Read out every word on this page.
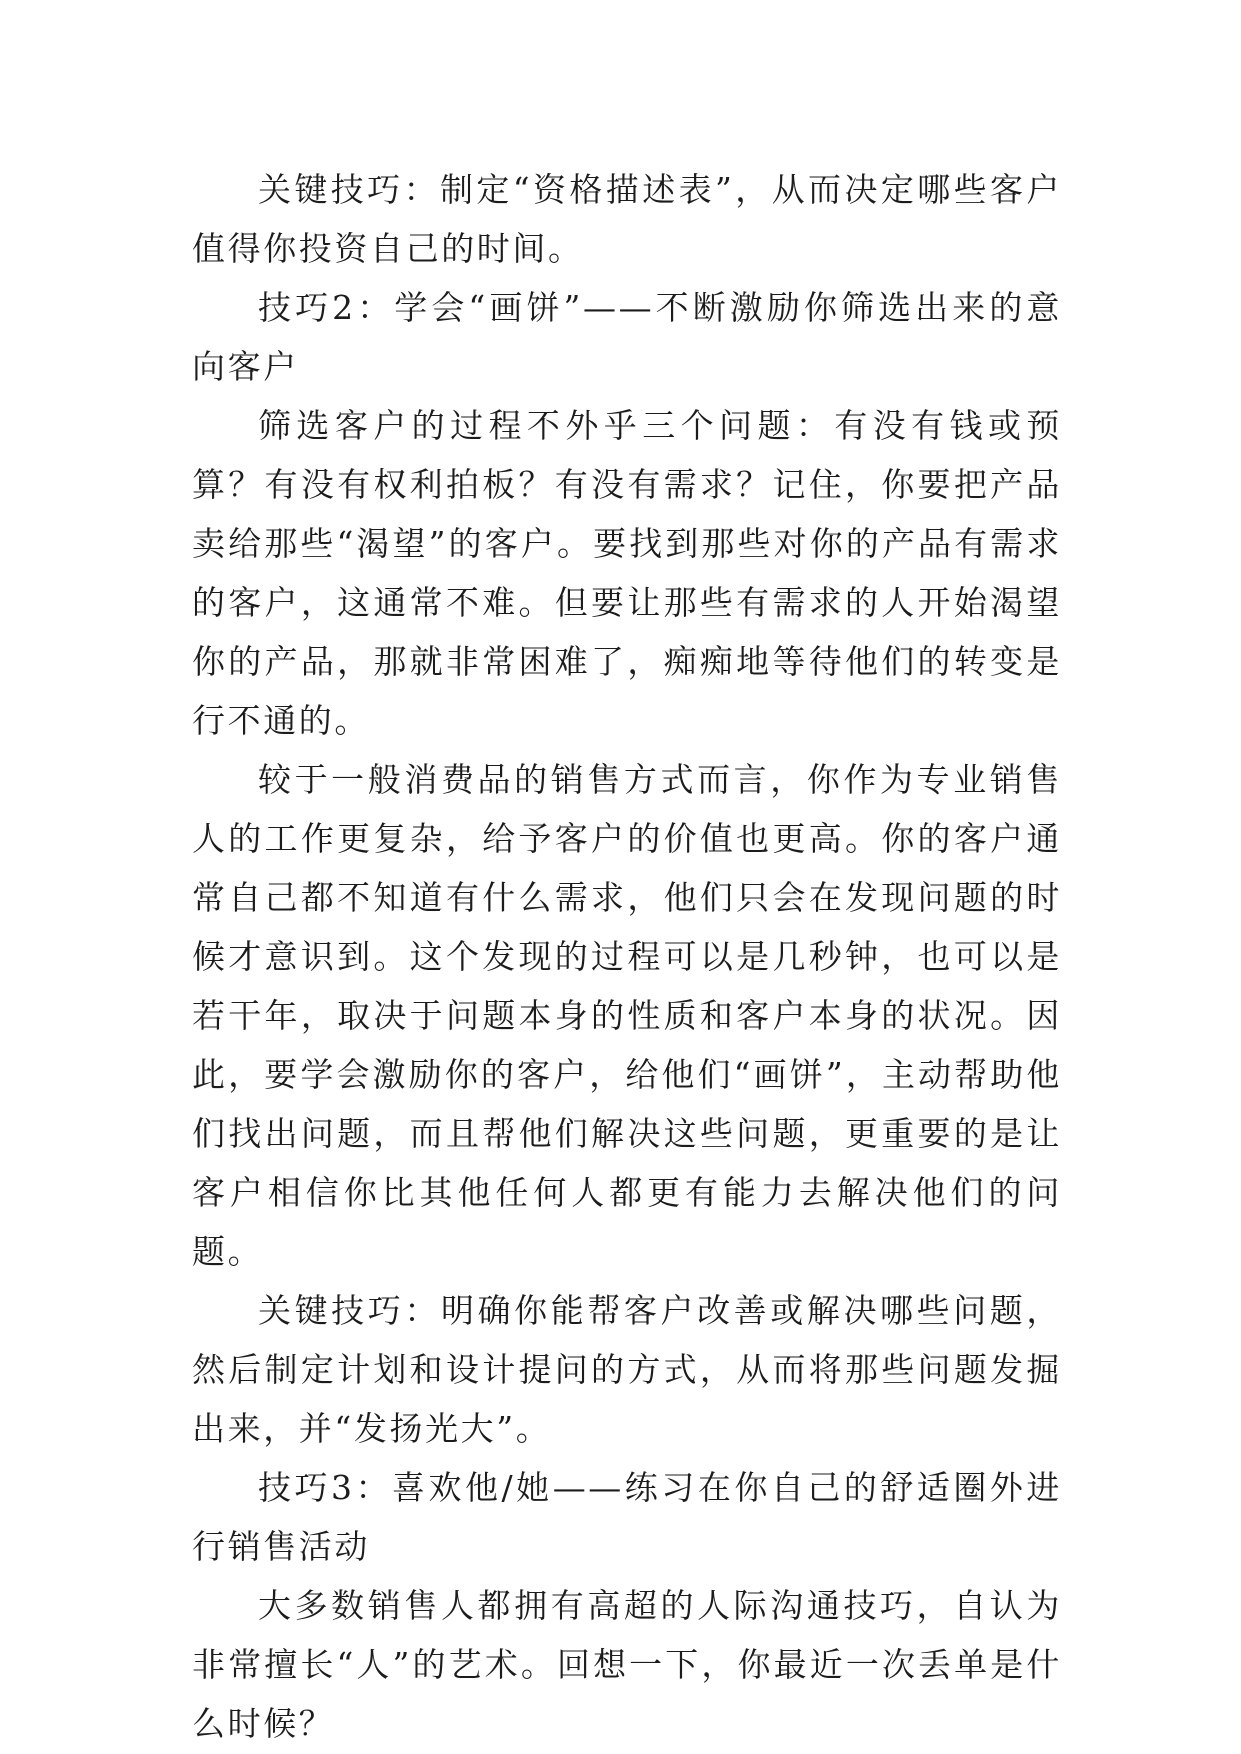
关键技巧：制定“资格描述表”，从而决定哪些客户值得你投资自己的时间。

技巧2：学会“画饼”——不断激励你筛选出来的意向客户

筛选客户的过程不外乎三个问题：有没有钱或预算？有没有权利拍板？有没有需求？记住，你要把产品卖给那些“渴望”的客户。要找到那些对你的产品有需求的客户，这通常不难。但要让那些有需求的人开始渴望你的产品，那就非常困难了，痴痴地等待他们的转变是行不通的。

较于一般消费品的销售方式而言，你作为专业销售人的工作更复杂，给予客户的价值也更高。你的客户通常自己都不知道有什么需求，他们只会在发现问题的时候才意识到。这个发现的过程可以是几秒钟，也可以是若干年，取决于问题本身的性质和客户本身的状况。因此，要学会激励你的客户，给他们“画饼”，主动帮助他们找出问题，而且帮他们解决这些问题，更重要的是让客户相信你比其他任何人都更有能力去解决他们的问题。

关键技巧：明确你能帮客户改善或解决哪些问题，然后制定计划和设计提问的方式，从而将那些问题发掘出来，并“发扬光大”。

技巧3：喜欢他/她——练习在你自己的舒适圈外进行销售活动

大多数销售人都拥有高超的人际沟通技巧，自认为非常擅长“人”的艺术。回想一下，你最近一次丢单是什么时候？
